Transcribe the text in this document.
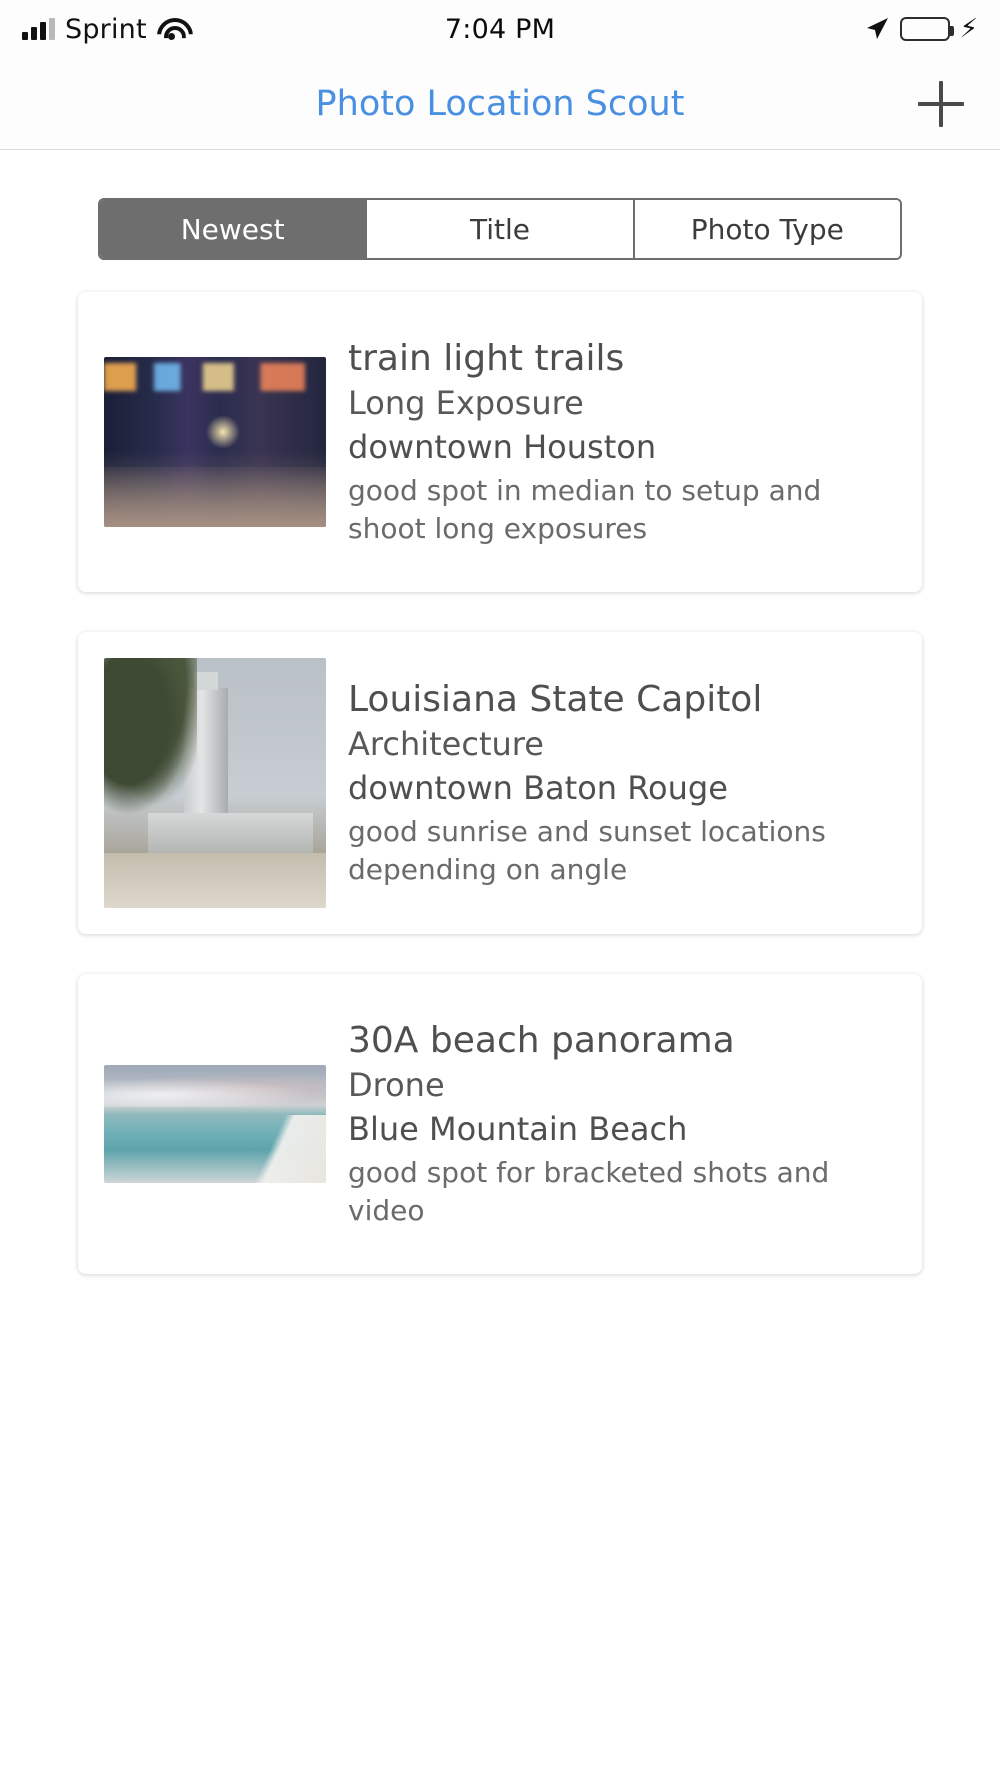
Sprint	7:04 PM	⚡
Photo Location Scout
Newest	Title	Photo Type
train light trails
Long Exposure
downtown Houston
good spot in median to setup and shoot long exposures
Louisiana State Capitol
Architecture
downtown Baton Rouge
good sunrise and sunset locations depending on angle
30A beach panorama
Drone
Blue Mountain Beach
good spot for bracketed shots and video
